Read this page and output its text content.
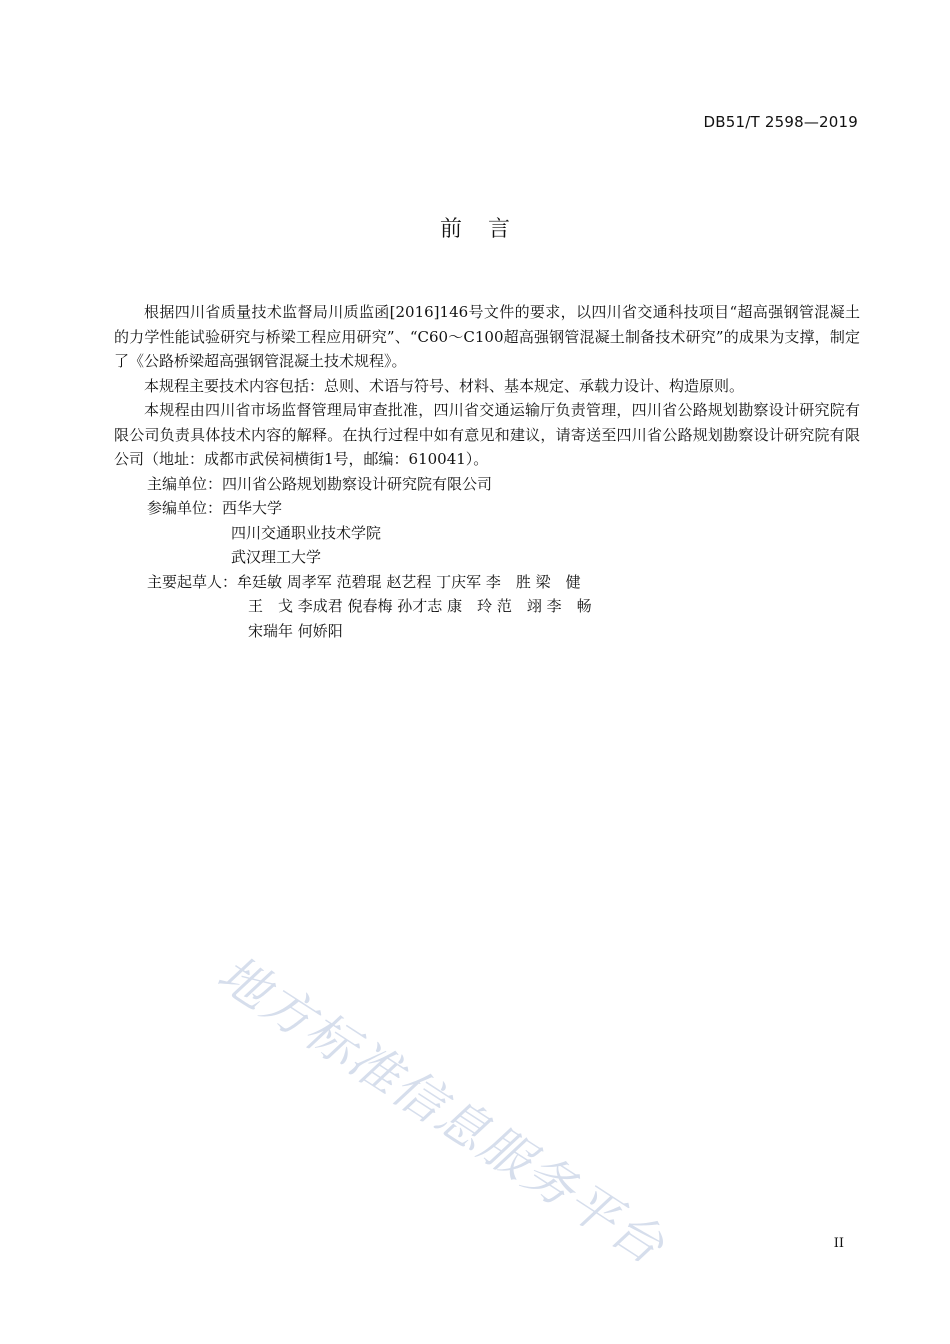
DB51/T 2598—2019
前言

根据四川省质量技术监督局川质监函[2016]146号文件的要求，以四川省交通科技项目“超高强钢管混凝土的力学性能试验研究与桥梁工程应用研究”、“C60～C100超高强钢管混凝土制备技术研究”的成果为支撑，制定了《公路桥梁超高强钢管混凝土技术规程》。

本规程主要技术内容包括：总则、术语与符号、材料、基本规定、承载力设计、构造原则。

本规程由四川省市场监督管理局审查批准，四川省交通运输厅负责管理，四川省公路规划勘察设计研究院有限公司负责具体技术内容的解释。在执行过程中如有意见和建议，请寄送至四川省公路规划勘察设计研究院有限公司（地址：成都市武侯祠横街1号，邮编：610041）。

主编单位：四川省公路规划勘察设计研究院有限公司
参编单位：西华大学
四川交通职业技术学院
武汉理工大学
主要起草人：牟廷敏 周孝军 范碧琨 赵艺程 丁庆军 李　胜 梁　健
王　戈 李成君 倪春梅 孙才志 康　玲 范　翊 李　畅
宋瑞年 何娇阳
地方标准信息服务平台	II
